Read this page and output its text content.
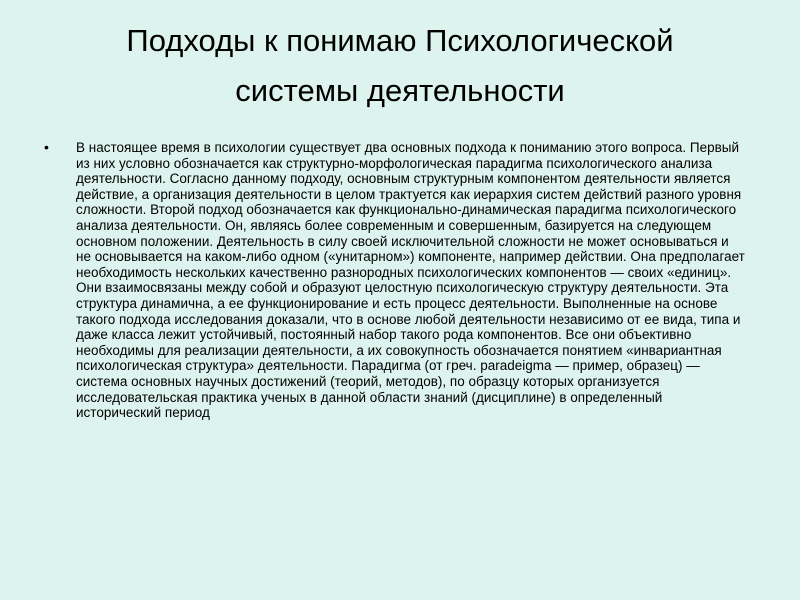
Подходы к понимаю Психологической
системы деятельности
• В настоящее время в психологии существует два основных подхода к пониманию этого вопроса. Первый из них условно обозначается как структурно-морфологическая парадигма психологического анализа деятельности. Согласно данному подходу, основным структурным компонентом деятельности является действие, а организация деятельности в целом трактуется как иерархия систем действий разного уровня сложности. Второй подход обозначается как функционально-динамическая парадигма психологического анализа деятельности. Он, являясь более современным и совершенным, базируется на следующем основном положении. Деятельность в силу своей исключительной сложности не может основываться и не основывается на каком-либо одном («унитарном») компоненте, например действии. Она предполагает необходимость нескольких качественно разнородных психологических компонентов — своих «единиц». Они взаимосвязаны между собой и образуют целостную психологическую структуру деятельности. Эта структура динамична, а ее функционирование и есть процесс деятельности. Выполненные на основе такого подхода исследования доказали, что в основе любой деятельности независимо от ее вида, типа и даже класса лежит устойчивый, постоянный набор такого рода компонентов. Все они объективно необходимы для реализации деятельности, а их совокупность обозначается понятием «инвариантная психологическая структура» деятельности. Парадигма (от греч. paradeigma — пример, образец) — система основных научных достижений (теорий, методов), по образцу которых организуется исследовательская практика ученых в данной области знаний (дисциплине) в определенный исторический период
